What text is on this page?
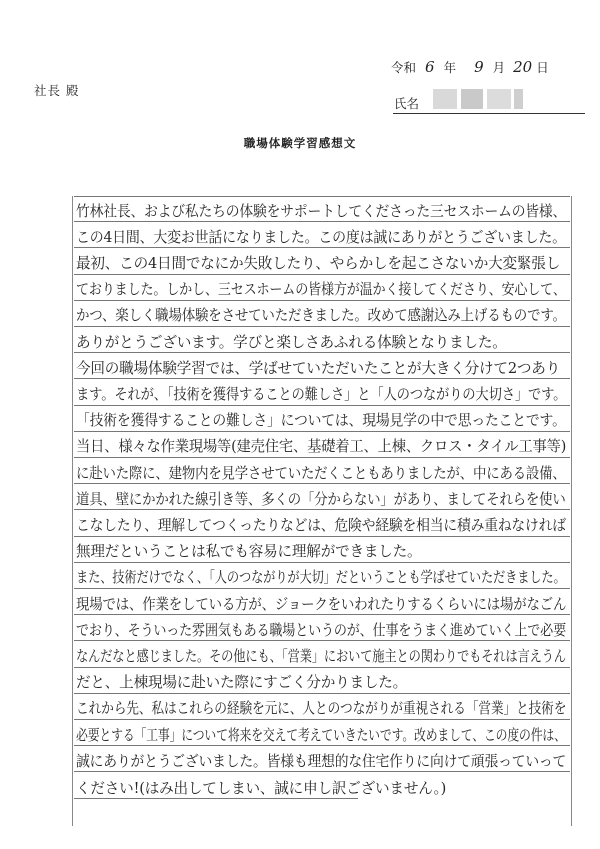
令和 6 年 9 月 20 日
社長 殿
氏名
職場体験学習感想文
竹林社長、および私たちの体験をサポートしてくださった三セスホームの皆様、
この4日間、大変お世話になりました。この度は誠にありがとうございました。
最初、この4日間でなにか失敗したり、やらかしを起こさないか大変緊張し
ておりました。しかし、三セスホームの皆様方が温かく接してくださり、安心して、
かつ、楽しく職場体験をさせていただきました。改めて感謝込み上げるものです。
ありがとうございます。学びと楽しさあふれる体験となりました。
今回の職場体験学習では、学ばせていただいたことが大きく分けて2つあり
ます。それが、「技術を獲得することの難しさ」と「人のつながりの大切さ」です。
「技術を獲得することの難しさ」については、現場見学の中で思ったことです。
当日、様々な作業現場等(建売住宅、基礎着工、上棟、クロス・タイル工事等)
に赴いた際に、建物内を見学させていただくこともありましたが、中にある設備、
道具、壁にかかれた線引き等、多くの「分からない」があり、ましてそれらを使い
こなしたり、理解してつくったりなどは、危険や経験を相当に積み重ねなければ
無理だということは私でも容易に理解ができました。
また、技術だけでなく、「人のつながりが大切」だということも学ばせていただきました。
現場では、作業をしている方が、ジョークをいわれたりするくらいには場がなごん
でおり、そういった雰囲気もある職場というのが、仕事をうまく進めていく上で必要
なんだなと感じました。その他にも、「営業」において施主との関わりでもそれは言えうん
だと、上棟現場に赴いた際にすごく分かりました。
これから先、私はこれらの経験を元に、人とのつながりが重視される「営業」と技術を
必要とする「工事」について将来を交えて考えていきたいです。改めまして、この度の件は、
誠にありがとうございました。皆様も理想的な住宅作りに向けて頑張っていって
ください!(はみ出してしまい、誠に申し訳ございません。)
